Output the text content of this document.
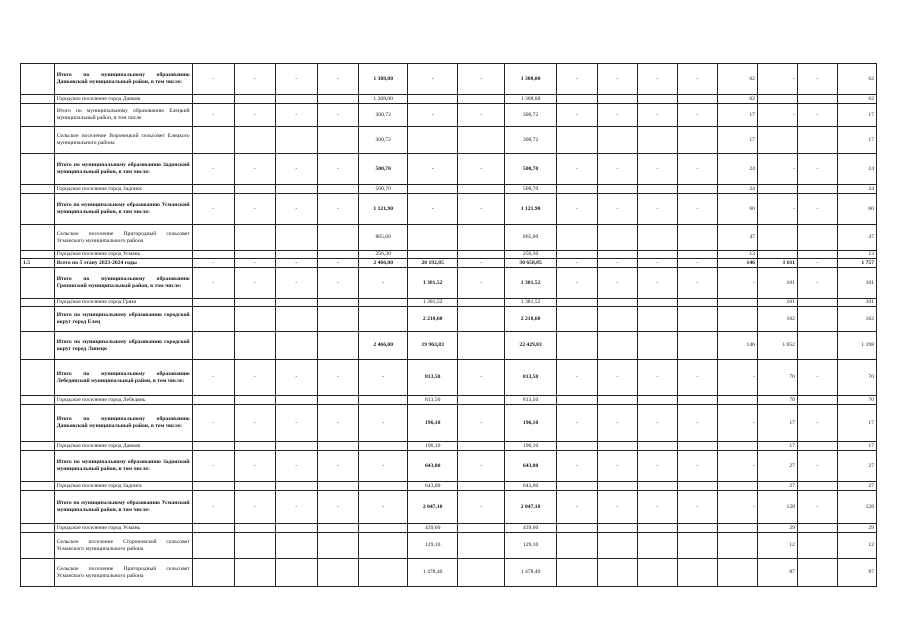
	Итого по муниципальному образованию Данковский муниципальный район, в том числе:	-	-	-	-	1 308,00	-	-	1 308,00	-	-	-	-	62	-	-	62
	Городское поселение город Данков					1 308,00			1 308,00					62			62
	Итого по муниципальному образованию Елецкий муниципальный район, в том числе	-	-	-	-	300,72	-	-	300,72	-	-	-	-	17	-	-	17
	Сельское поселение Воронецкий сельсовет Елецкого муниципального района					300,72			300,72					17			17
	Итого по муниципальному образованию Задонский муниципальный район, в том числе:	-	-	-	-	500,70	-	-	500,70	-	-	-	-	24	-	-	24
	Городское поселение город Задонск					500,70			500,70					24			24
	Итого по муниципальному образованию Усманский муниципальный район, в том числе:	-	-	-	-	1 121,90	-	-	1 121,90	-	-	-	-	60	-	-	60
	Сельское поселение Пригородный сельсовет Усманского муниципального района					865,60			865,60					47			47
	Городское поселение город Усмань					256,30			256,30					13			13
1.5	Всего по 5 этапу 2023-2024 годы	-	-	-	-	2 466,00	28 192,85	-	30 658,85	-	-	-	-	146	1 611	-	1 757
	Итого по муниципальному образованию Грязинский муниципальный район, в том числе:	-	-	-	-	-	1 381,52	-	1 381,52	-	-	-	-	-	101	-	101
	Городское поселение город Грязи						1 381,52		1 381,52						101		101
	Итого по муниципальному образованию городской округ город Елец						2 218,60		2 218,60						162		162
	Итого по муниципальному образованию городской округ город Липецк					2 466,00	19 963,83		22 429,83					146	1 052		1 198
	Итого по муниципальному образованию Лебедянский муниципальный район, в том числе:	-	-	-	-	-	813,50	-	813,50	-	-	-	-	-	70	-	70
	Городское поселение город Лебедянь						813,50		813,50						70		70
	Итого по муниципальному образованию Данковский муниципальный район, в том числе:	-	-	-	-	-	196,10	-	196,10	-	-	-	-	-	17	-	17
	Городское поселение город Данков						196,10		196,10						17		17
	Итого по муниципальному образованию Задонский муниципальный район, в том числе:	-	-	-	-	-	643,00	-	643,00	-	-	-	-	-	27	-	27
	Городское поселение город Задонск						643,00		643,00						27		27
	Итого по муниципальному образованию Усманский муниципальный район, в том числе:	-	-	-	-	-	2 047,10	-	2 047,10	-	-	-	-	-	128	-	128
	Городское поселение город Усмань						439,60		439,60						29		29
	Сельское поселение Стороновской сельсовет Усманского муниципального района						129,10		129,10						12		12
	Сельское поселение Пригородный сельсовет Усманского муниципального района						1 478,40		1 478,40						87		87
